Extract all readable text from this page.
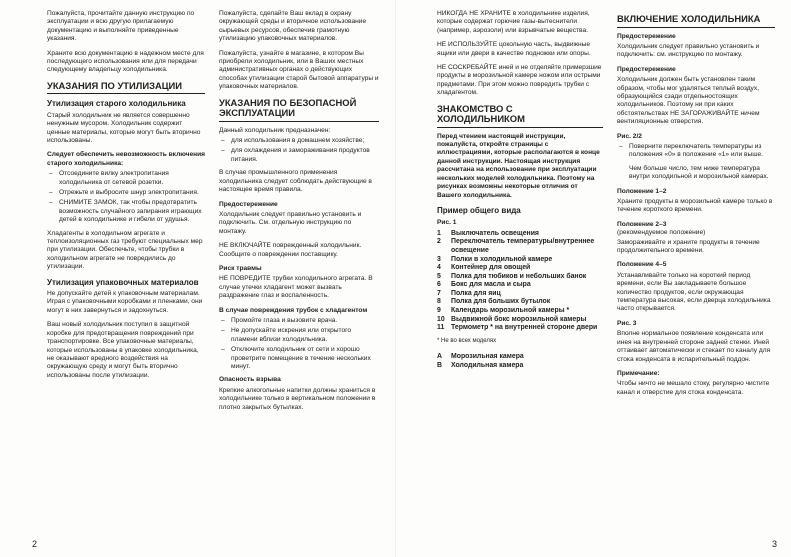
Пожалуйста, прочитайте данную инструкцию по эксплуатации и всю другую прилагаемую документацию и выполняйте приведенные указания.

Храните всю документацию в надежном месте для последующего использования или для передачи следующему владельцу холодильника.

УКАЗАНИЯ ПО УТИЛИЗАЦИИ
Утилизация старого холодильника

Старый холодильник не является совершенно ненужным мусором. Холодильник содержит ценные материалы, которые могут быть вторично использованы.

Следует обеспечить невозможность включения старого холодильника:
– Отсоедините вилку электропитания холодильника от сетевой розетки.
– Отрежьте и выбросите шнур электропитания.
– СНИМИТЕ ЗАМОК, так чтобы предотвратить возможность случайного запирания играющих детей в холодильнике и гибели от удушья.

Хладагенты в холодильном агрегате и теплоизоляционных газ требуют специальных мер при утилизации. Обеспечьте, чтобы трубки в холодильном агрегате не повредились до утилизации.

Утилизация упаковочных материалов

Не допускайте детей к упаковочным материалам. Играя с упаковочными коробками и пленками, они могут в них завернуться и задохнуться.

Ваш новый холодильник поступил в защитной коробке для предотвращения повреждений при транспортировке. Все упаковочные материалы, которые использованы в упаковке холодильника, не оказывают вредного воздействия на окружающую среду и могут быть вторично использованы после утилизации.

2

Пожалуйста, сделайте Ваш вклад в охрану окружающей среды и вторичное использование сырьевых ресурсов, обеспечив грамотную утилизацию упаковочных материалов.

Пожалуйста, узнайте в магазине, в котором Вы приобрели холодильник, или в Ваших местных административных органах о действующих способах утилизации старой бытовой аппаратуры и упаковочных материалов.

УКАЗАНИЯ ПО БЕЗОПАСНОЙ ЭКСПЛУАТАЦИИ

Данный холодильник предназначен:

– для использования в домашнем хозяйстве;
– для охлаждения и замораживания продуктов питания.

В случае промышленного применения холодильника следует соблюдать действующие в настоящее время правила.

Предостережение

Холодильник следует правильно установить и подключить. См. отдельную инструкцию по монтажу.

НЕ ВКЛЮЧАЙТЕ поврежденный холодильник. Сообщите о повреждении поставщику.

Риск травмы

НЕ ПОВРЕДИТЕ трубки холодильного агрегата. В случае утечки хладагент может вызвать раздражение глаз и воспаленность.

В случае повреждения трубок с хладагентом
– Промойте глаза и вызовите врача.
– Не допускайте искрения или открытого пламени вблизи холодильника.
– Отключите холодильник от сети и хорошо проветрите помещение в течение нескольких минут.
Опасность взрыва

Крепкие алкогольные напитки должны храниться в холодильнике только в вертикальном положении в плотно закрытых бутылках.

НИКОГДА НЕ ХРАНИТЕ в холодильнике изделия, которые содержат горючие газы-вытеснители (например, аэрозоли) или взрывчатые вещества.

НЕ ИСПОЛЬЗУЙТЕ цокольную часть, выдвижные ящики или двери в качестве подножки или опоры.

НЕ СОСКРЕБАЙТЕ иней и не отделяйте примерзшие продукты в морозильной камере ножом или острыми предметами. При этом можно повредить трубки с хладагентом.

ЗНАКОМСТВО С ХОЛОДИЛЬНИКОМ

Перед чтением настоящей инструкции, пожалуйста, откройте страницы с иллюстрациями, которые располагаются в конце данной инструкции. Настоящая инструкция рассчитана на использование при эксплуатации нескольких моделей холодильника. Поэтому на рисунках возможны некоторые отличия от Вашего холодильника.

Пример общего вида
Рис. 1
1	Выключатель освещения
2	Переключатель температуры/внутреннее освещение
3	Полки в холодильной камере
4	Контейнер для овощей
5	Полка для тюбиков и небольших банок
6	Бокс для масла и сыра
7	Полка для яиц
8	Полка для больших бутылок
9	Календарь морозильной камеры *
10 Выдвижной бокс морозильной камеры
11 Термометр * на внутренней стороне двери

* Не во всех моделях

A	Морозильная камера
B	Холодильная камера
ВКЛЮЧЕНИЕ ХОЛОДИЛЬНИКА
Предостережение

Холодильник следует правильно установить и подключить: см. инструкцию по монтажу.

Предостережение

Холодильник должен быть установлен таким образом, чтобы мог удаляться теплый воздух, образующийся сзади отдельностоящих холодильников. Поэтому ни при каких обстоятельствах НЕ ЗАГОРАЖИВАЙТЕ ничем вентиляционные отверстия.

Рис. 2/2
– Поверните переключатель температуры из положения «0» в положение «1» или выше.

Чем больше число, тем ниже температура внутри холодильной и морозильной камерах.

Положение 1–2

Храните продукты в морозильной камере только в течение короткого времени.

Положение 2–3

(рекомендуемое положение)

Замораживайте и храните продукты в течение продолжительного времени.

Положение 4–5

Устанавливайте только на короткий период времени, если Вы закладываете большое количество продуктов, если окружающая температура высокая, если дверца холодильника часто открывается.

Рис. 3

Вполне нормальное появление конденсата или инея на внутренней стороне задней стенки. Иней оттаивает автоматически и стекает по каналу для стока конденсата в испарительный поддон.

Примечание:

Чтобы ничто не мешало стоку, регулярно чистите канал и отверстие для стока конденсата.

3
